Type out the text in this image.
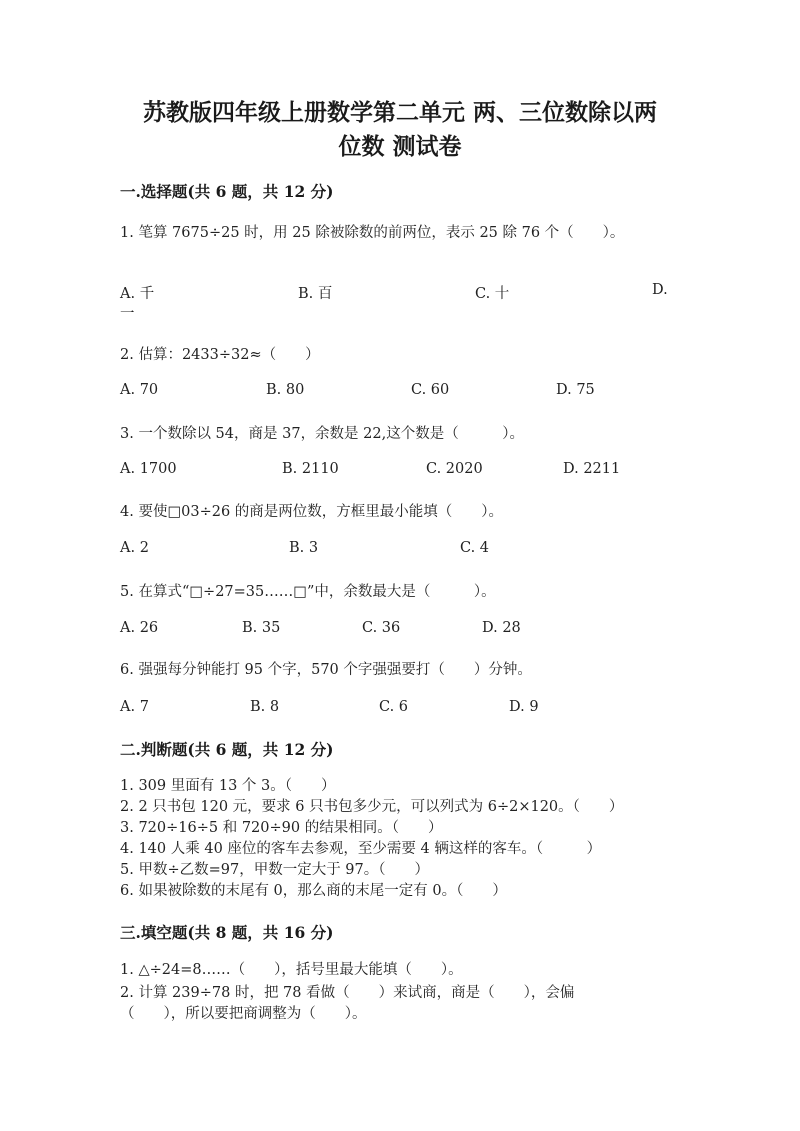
苏教版四年级上册数学第二单元 两、三位数除以两
位数 测试卷
一.选择题(共 6 题，共 12 分)
1. 笔算 7675÷25 时，用 25 除被除数的前两位，表示 25 除 76 个（　　）。
A. 千	B. 百	C. 十	D.
一
2. 估算：2433÷32≈（　　）
A. 70	B. 80	C. 60	D. 75
3. 一个数除以 54，商是 37，余数是 22,这个数是（　　　）。
A. 1700	B. 2110	C. 2020	D. 2211
4. 要使□03÷26 的商是两位数，方框里最小能填（　　）。
A. 2	B. 3	C. 4
5. 在算式“□÷27=35……□”中，余数最大是（　　　）。
A. 26	B. 35	C. 36	D. 28
6. 强强每分钟能打 95 个字，570 个字强强要打（　　）分钟。
A. 7	B. 8	C. 6	D. 9
二.判断题(共 6 题，共 12 分)
1. 309 里面有 13 个 3。（　　）
2. 2 只书包 120 元，要求 6 只书包多少元，可以列式为 6÷2×120。（　　）
3. 720÷16÷5 和 720÷90 的结果相同。（　　）
4. 140 人乘 40 座位的客车去参观，至少需要 4 辆这样的客车。（　　　）
5. 甲数÷乙数=97，甲数一定大于 97。（　　）
6. 如果被除数的末尾有 0，那么商的末尾一定有 0。（　　）
三.填空题(共 8 题，共 16 分)
1. △÷24=8……（　　），括号里最大能填（　　）。
2. 计算 239÷78 时，把 78 看做（　　）来试商，商是（　　），会偏
（　　），所以要把商调整为（　　）。
